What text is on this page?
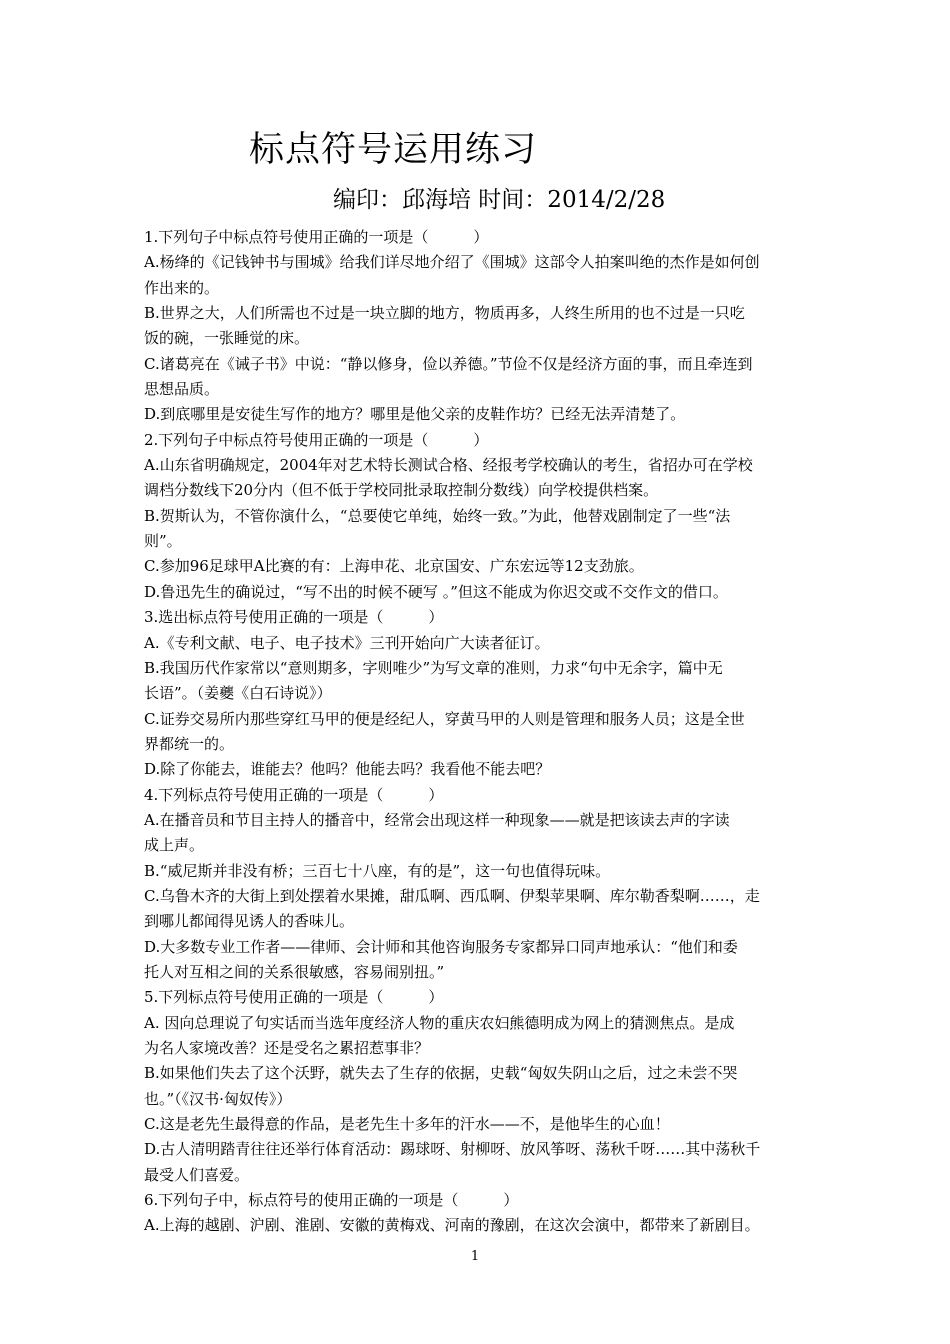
标点符号运用练习
编印：邱海培 时间：2014/2/28
1.下列句子中标点符号使用正确的一项是（　　　）
A.杨绛的《记钱钟书与围城》给我们详尽地介绍了《围城》这部令人拍案叫绝的杰作是如何创
作出来的。
B.世界之大，人们所需也不过是一块立脚的地方，物质再多，人终生所用的也不过是一只吃
饭的碗，一张睡觉的床。
C.诸葛亮在《诫子书》中说：“静以修身，俭以养德。”节俭不仅是经济方面的事，而且牵连到
思想品质。
D.到底哪里是安徒生写作的地方？哪里是他父亲的皮鞋作坊？已经无法弄清楚了。
2.下列句子中标点符号使用正确的一项是（　　　）
A.山东省明确规定，2004年对艺术特长测试合格、经报考学校确认的考生，省招办可在学校
调档分数线下20分内（但不低于学校同批录取控制分数线）向学校提供档案。
B.贺斯认为，不管你演什么，“总要使它单纯，始终一致。”为此，他替戏剧制定了一些“法
则”。
C.参加96足球甲A比赛的有：上海申花、北京国安、广东宏远等12支劲旅。
D.鲁迅先生的确说过，“写不出的时候不硬写 。”但这不能成为你迟交或不交作文的借口。
3.选出标点符号使用正确的一项是（　　　）
A.《专利文献、电子、电子技术》三刊开始向广大读者征订。
B.我国历代作家常以“意则期多，字则唯少”为写文章的准则，力求“句中无余字，篇中无
长语”。（姜夔《白石诗说》）
C.证券交易所内那些穿红马甲的便是经纪人，穿黄马甲的人则是管理和服务人员；这是全世
界都统一的。
D.除了你能去，谁能去？他吗？他能去吗？我看他不能去吧？
4.下列标点符号使用正确的一项是（　　　）
A.在播音员和节目主持人的播音中，经常会出现这样一种现象——就是把该读去声的字读
成上声。
B.“威尼斯并非没有桥；三百七十八座，有的是”，这一句也值得玩味。
C.乌鲁木齐的大街上到处摆着水果摊，甜瓜啊、西瓜啊、伊梨苹果啊、库尔勒香梨啊……，走
到哪儿都闻得见诱人的香味儿。
D.大多数专业工作者——律师、会计师和其他咨询服务专家都异口同声地承认：“他们和委
托人对互相之间的关系很敏感，容易闹别扭。”
5.下列标点符号使用正确的一项是（　　　）
A. 因向总理说了句实话而当选年度经济人物的重庆农妇熊德明成为网上的猜测焦点。是成
为名人家境改善？还是受名之累招惹事非？
B.如果他们失去了这个沃野，就失去了生存的依据，史载“匈奴失阴山之后，过之未尝不哭
也。”（《汉书·匈奴传》）
C.这是老先生最得意的作品，是老先生十多年的汗水——不，是他毕生的心血！
D.古人清明踏青往往还举行体育活动：踢球呀、射柳呀、放风筝呀、荡秋千呀……其中荡秋千
最受人们喜爱。
6.下列句子中，标点符号的使用正确的一项是（　　　）
A.上海的越剧、沪剧、淮剧、安徽的黄梅戏、河南的豫剧，在这次会演中，都带来了新剧目。
1
